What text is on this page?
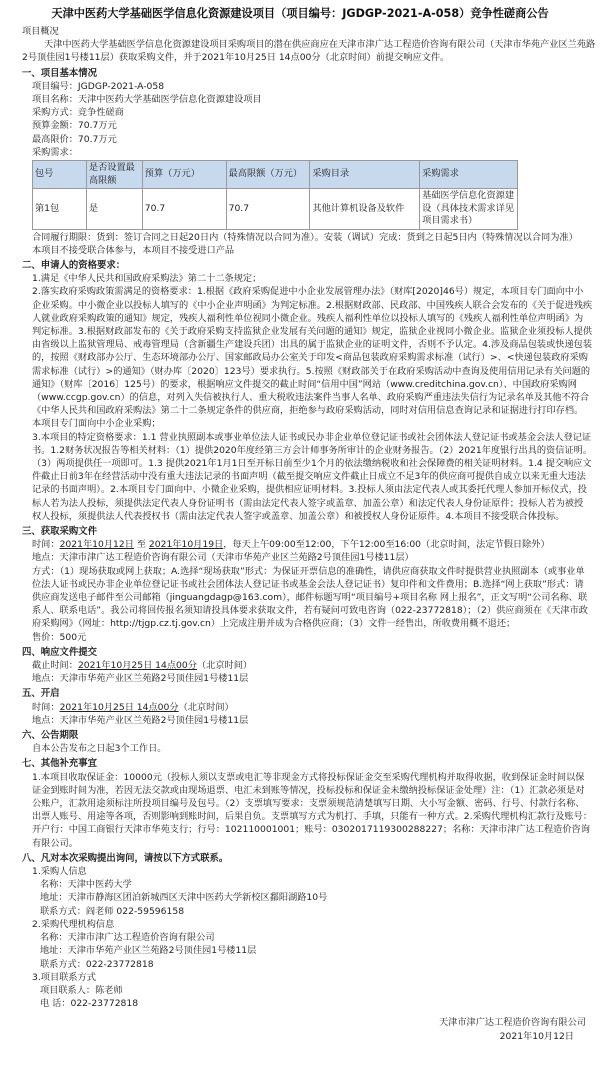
天津中医药大学基础医学信息化资源建设项目（项目编号：JGDGP-2021-A-058）竞争性磋商公告
项目概况

天津中医药大学基础医学信息化资源建设项目采购项目的潜在供应商应在天津市津广达工程造价咨询有限公司（天津市华苑产业区兰苑路2号顶佳园1号楼11层）获取采购文件，并于2021年10月25日 14点00分（北京时间）前提交响应文件。

一、项目基本情况

项目编号：JGDGP-2021-A-058

项目名称：天津中医药大学基础医学信息化资源建设项目

采购方式：竞争性磋商

预算金额：70.7万元

最高限价：70.7万元

采购需求：

包号	是否设置最高限额	预算（万元）	最高限额（万元）	采购目录	采购需求
第1包	是	70.7	70.7	其他计算机设备及软件	基础医学信息化资源建设（具体技术需求详见项目需求书）

合同履行期限：货到：签订合同之日起20日内（特殊情况以合同为准）。安装（调试）完成：货到之日起5日内（特殊情况以合同为准）

本项目不接受联合体参与，本项目不接受进口产品

二、申请人的资格要求：

1.满足《中华人民共和国政府采购法》第二十二条规定；

2.落实政府采购政策需满足的资格要求：1.根据《政府采购促进中小企业发展管理办法》（财库[2020]46号）规定，本项目专门面向中小企业采购。中小微企业以投标人填写的《中小企业声明函》为判定标准。2.根据财政部、民政部、中国残疾人联合会发布的《关于促进残疾人就业政府采购政策的通知》规定，残疾人福利性单位视同小微企业。残疾人福利性单位以投标人填写的《残疾人福利性单位声明函》为判定标准。3.根据财政部发布的《关于政府采购支持监狱企业发展有关问题的通知》规定，监狱企业视同小微企业。监狱企业须投标人提供由省级以上监狱管理局、戒毒管理局（含新疆生产建设兵团）出具的属于监狱企业的证明文件，否则不予认定。4.涉及商品包装或快递包装的，按照《财政部办公厅、生态环境部办公厅、国家邮政局办公室关于印发<商品包装政府采购需求标准（试行）>、<快递包装政府采购需求标准（试行）>的通知》（财办库〔2020〕123号）要求执行。5.按照《财政部关于在政府采购活动中查询及使用信用记录有关问题的通知》（财库〔2016〕125号）的要求，根据响应文件提交的截止时间“信用中国”网站（www.creditchina.gov.cn）、中国政府采购网（www.ccgp.gov.cn）的信息，对列入失信被执行人、重大税收违法案件当事人名单、政府采购严重违法失信行为记录名单及其他不符合《中华人民共和国政府采购法》第二十二条规定条件的供应商，拒绝参与政府采购活动，同时对信用信息查询记录和证据进行打印存档。

本项目专门面向中小企业采购；

3.本项目的特定资格要求：1.1 营业执照副本或事业单位法人证书或民办非企业单位登记证书或社会团体法人登记证书或基金会法人登记证书。1.2财务状况报告等相关材料：（1）提供2020年度经第三方会计师事务所审计的企业财务报告。（2）2021年度银行出具的资信证明。（3）两项提供任一项即可。1.3 提供2021年1月1日至开标日前至少1个月的依法缴纳税收和社会保障费的相关证明材料。1.4 提交响应文件截止日前3年在经营活动中没有重大违法记录的书面声明（截至提交响应文件截止日成立不足3年的供应商可提供自成立以来无重大违法记录的书面声明）。2.本项目专门面向中、小微企业采购，提供相应证明材料。3.投标人须由法定代表人或其委托代理人参加开标仪式，投标人若为法人投标，须提供法定代表人身份证明书（需由法定代表人签字或盖章、加盖公章）和法定代表人身份证原件；投标人若为被授权人投标，须提供法人代表授权书（需由法定代表人签字或盖章、加盖公章）和被授权人身份证原件。4.本项目不接受联合体投标。

三、获取采购文件

时间：2021年10月12日 至 2021年10月19日，每天上午09:00至12:00，下午12:00至16:00（北京时间，法定节假日除外）

地点：天津市津广达工程造价咨询有限公司（天津市华苑产业区兰苑路2号顶佳园1号楼11层）

方式：（1）现场获取或网上获取；A.选择“现场获取”形式：为保证开票信息的准确性，请供应商获取文件时提供营业执照副本（或事业单位法人证书或民办非企业单位登记证书或社会团体法人登记证书或基金会法人登记证书）复印件和文件费用；B.选择“网上获取”形式：请供应商发送电子邮件至公司邮箱（jinguangdagp@163.com），邮件标题写明“项目编号+项目名称 网上报名”，正文写明“公司名称、联系人、联系电话”。我公司将回传报名须知请投具体要求获取文件，若有疑问可致电咨询（022-23772818）；（2）供应商须在《天津市政府采购网》（网址：http://tjgp.cz.tj.gov.cn）上完成注册并成为合格供应商；（3）文件一经售出，所收费用概不退还；

售价：500元

四、响应文件提交

截止时间：2021年10月25日 14点00分（北京时间）

地点：天津市华苑产业区兰苑路2号顶佳园1号楼11层

五、开启

时间：2021年10月25日 14点00分（北京时间）

地点：天津市华苑产业区兰苑路2号顶佳园1号楼11层

六、公告期限

自本公告发布之日起3个工作日。

七、其他补充事宜

1.本项目收取保证金：10000元（投标人须以支票或电汇等非现金方式将投标保证金交至采购代理机构并取得收据，收到保证金时间以保证金到账时间为准，若因无法交款或由现场退票、电汇未到账等情况，投标投标和保证金未缴纳投标保证金处理）注：（1）汇款必须是对公账户，汇款用途须标注所投项目编号及包号。（2）支票填写要求：支票须规范清楚填写日期、大小写金额、密码、行号、付款行名称、出票人账号、用途等各项，否则影响到账时间，后果自负。支票填写方式为机打、手填，只能有一种方式。2.采购代理机构汇款行及账号：开户行：中国工商银行天津市华苑支行；行号：102110001001；账号：0302017119300288227；名称：天津市津广达工程造价咨询有限公司。

八、凡对本次采购提出询问，请按以下方式联系。

1.采购人信息

名称：天津中医药大学

地址：天津市静海区团泊新城西区天津中医药大学新校区鄱阳湖路10号

联系方式：阎老师 022-59596158

2.采购代理机构信息

名称：天津市津广达工程造价咨询有限公司

地址：天津市华苑产业区兰苑路2号顶佳园1号楼11层

联系方式：022-23772818

3.项目联系方式

项目联系人：陈老师

电 话：022-23772818

天津市津广达工程造价咨询有限公司

2021年10月12日
